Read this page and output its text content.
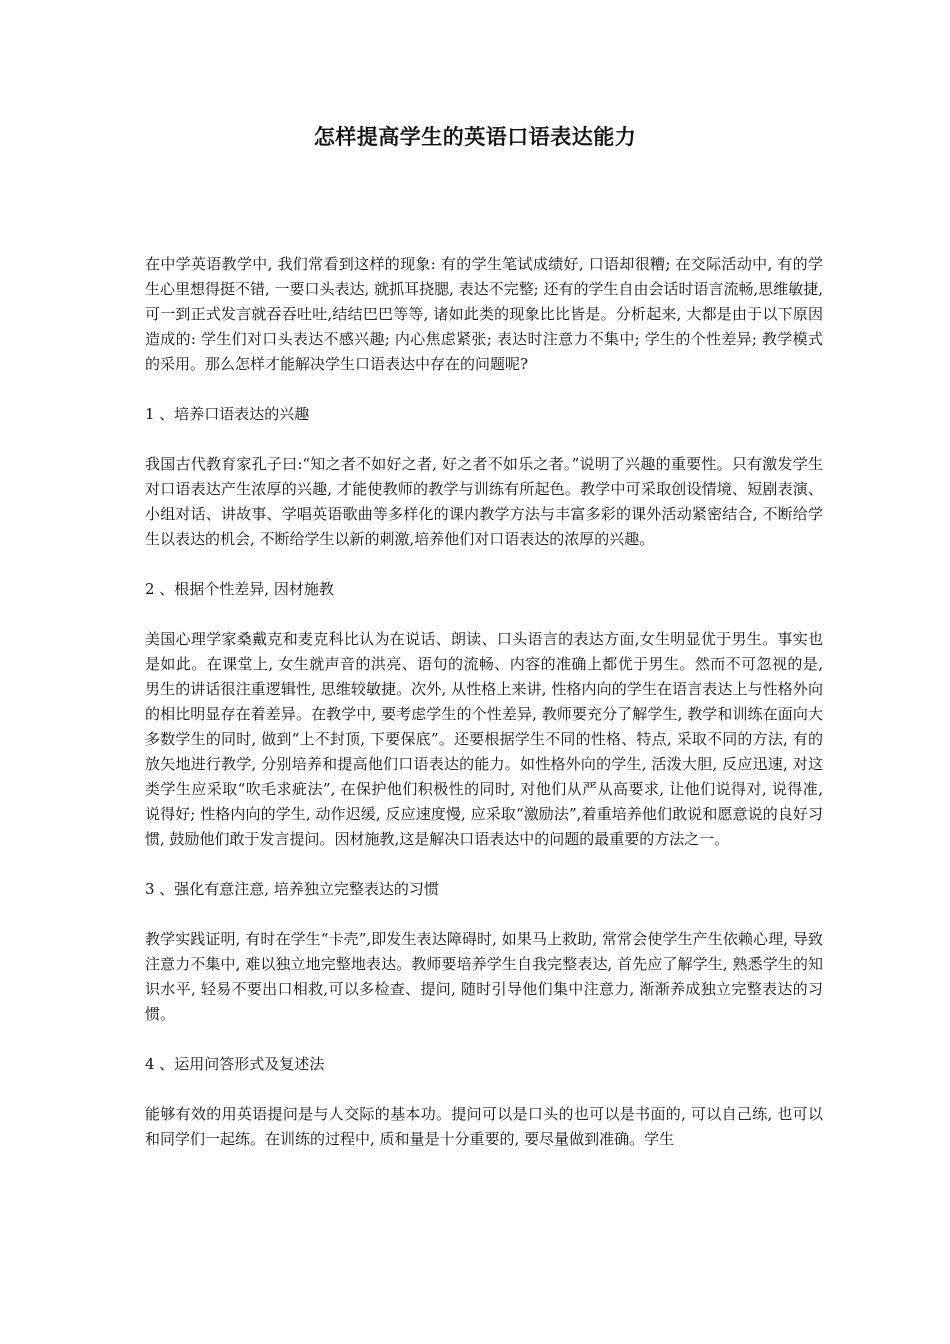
怎样提高学生的英语口语表达能力

在中学英语教学中, 我们常看到这样的现象: 有的学生笔试成绩好, 口语却很糟; 在交际活动中, 有的学生心里想得挺不错, 一要口头表达, 就抓耳挠腮, 表达不完整; 还有的学生自由会话时语言流畅,思维敏捷, 可一到正式发言就吞吞吐吐,结结巴巴等等, 诸如此类的现象比比皆是。分析起来, 大都是由于以下原因造成的: 学生们对口头表达不感兴趣; 内心焦虑紧张; 表达时注意力不集中; 学生的个性差异; 教学模式的采用。那么怎样才能解决学生口语表达中存在的问题呢?

1 、培养口语表达的兴趣

我国古代教育家孔子曰:“知之者不如好之者, 好之者不如乐之者。”说明了兴趣的重要性。只有激发学生对口语表达产生浓厚的兴趣, 才能使教师的教学与训练有所起色。教学中可采取创设情境、短剧表演、小组对话、讲故事、学唱英语歌曲等多样化的课内教学方法与丰富多彩的课外活动紧密结合, 不断给学生以表达的机会, 不断给学生以新的刺激,培养他们对口语表达的浓厚的兴趣。

2 、根据个性差异, 因材施教

美国心理学家桑戴克和麦克科比认为在说话、朗读、口头语言的表达方面,女生明显优于男生。事实也是如此。在课堂上, 女生就声音的洪亮、语句的流畅、内容的准确上都优于男生。然而不可忽视的是, 男生的讲话很注重逻辑性, 思维较敏捷。次外, 从性格上来讲, 性格内向的学生在语言表达上与性格外向的相比明显存在着差异。在教学中, 要考虑学生的个性差异, 教师要充分了解学生, 教学和训练在面向大多数学生的同时, 做到“上不封顶, 下要保底”。还要根据学生不同的性格、特点, 采取不同的方法, 有的放矢地进行教学, 分别培养和提高他们口语表达的能力。如性格外向的学生, 活泼大胆, 反应迅速, 对这类学生应采取“吹毛求疵法”, 在保护他们积极性的同时, 对他们从严从高要求, 让他们说得对, 说得准, 说得好; 性格内向的学生, 动作迟缓, 反应速度慢, 应采取“激励法”,着重培养他们敢说和愿意说的良好习惯, 鼓励他们敢于发言提问。因材施教,这是解决口语表达中的问题的最重要的方法之一。

3 、强化有意注意, 培养独立完整表达的习惯

教学实践证明, 有时在学生“卡壳”,即发生表达障碍时, 如果马上救助, 常常会使学生产生依赖心理, 导致注意力不集中, 难以独立地完整地表达。教师要培养学生自我完整表达, 首先应了解学生, 熟悉学生的知识水平, 轻易不要出口相救,可以多检查、提问, 随时引导他们集中注意力, 渐渐养成独立完整表达的习惯。

4 、运用问答形式及复述法

能够有效的用英语提问是与人交际的基本功。提问可以是口头的也可以是书面的, 可以自己练, 也可以和同学们一起练。在训练的过程中, 质和量是十分重要的, 要尽量做到准确。学生
